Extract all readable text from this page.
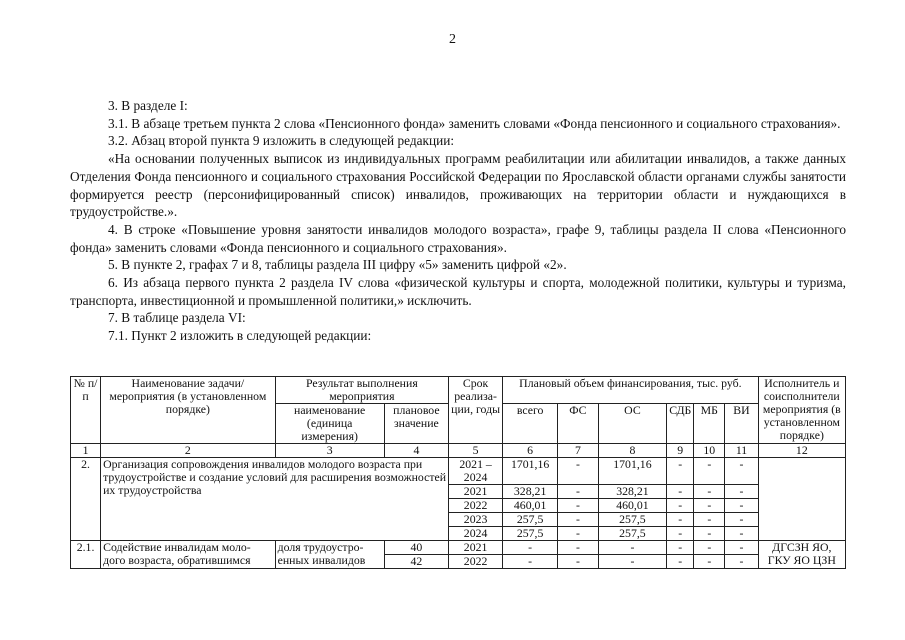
2

3. В разделе I:

3.1. В абзаце третьем пункта 2 слова «Пенсионного фонда» заменить словами «Фонда пенсионного и социального страхования».

3.2. Абзац второй пункта 9 изложить в следующей редакции:

«На основании полученных выписок из индивидуальных программ реабилитации или абилитации инвалидов, а также данных Отделения Фонда пенсионного и социального страхования Российской Федерации по Ярославской области органами службы занятости формируется реестр (персонифицированный список) инвалидов, проживающих на территории области и нуждающихся в трудоустройстве.».

4. В строке «Повышение уровня занятости инвалидов молодого возраста», графе 9, таблицы раздела II слова «Пенсионного фонда» заменить словами «Фонда пенсионного и социального страхования».

5. В пункте 2, графах 7 и 8, таблицы раздела III цифру «5» заменить цифрой «2».

6. Из абзаца первого пункта 2 раздела IV слова «физической культуры и спорта, молодежной политики, культуры и туризма, транспорта, инвестиционной и промышленной политики,» исключить.

7. В таблице раздела VI:

7.1. Пункт 2 изложить в следующей редакции:

№ п/п	Наименование задачи/мероприятия (в установленном порядке)	Результат выполнения мероприятия		Срок реализа-ции, годы	Плановый объем финансирования, тыс. руб.						Исполнитель и соисполнители мероприятия (в установленном порядке)
		наименование (единица измерения)	плановое значение		всего	ФС	ОС	СДБ	МБ	ВИ	
1	2	3	4	5	6	7	8	9	10	11	12
2.	Организация сопровождения инвалидов молодого возраста при трудоустройстве и создание условий для расширения возможностей их трудоустройства			2021 – 2024	1701,16	-	1701,16	-	-	-	
				2021	328,21	-	328,21	-	-	-	
				2022	460,01	-	460,01	-	-	-	
				2023	257,5	-	257,5	-	-	-	
				2024	257,5	-	257,5	-	-	-	
2.1.	Содействие инвалидам моло-дого возраста, обратившимся	доля трудоустро-енных инвалидов	40	2021	-	-	-	-	-	-	ДГСЗН ЯО, ГКУ ЯО ЦЗН
			42	2022	-	-	-	-	-	-	
